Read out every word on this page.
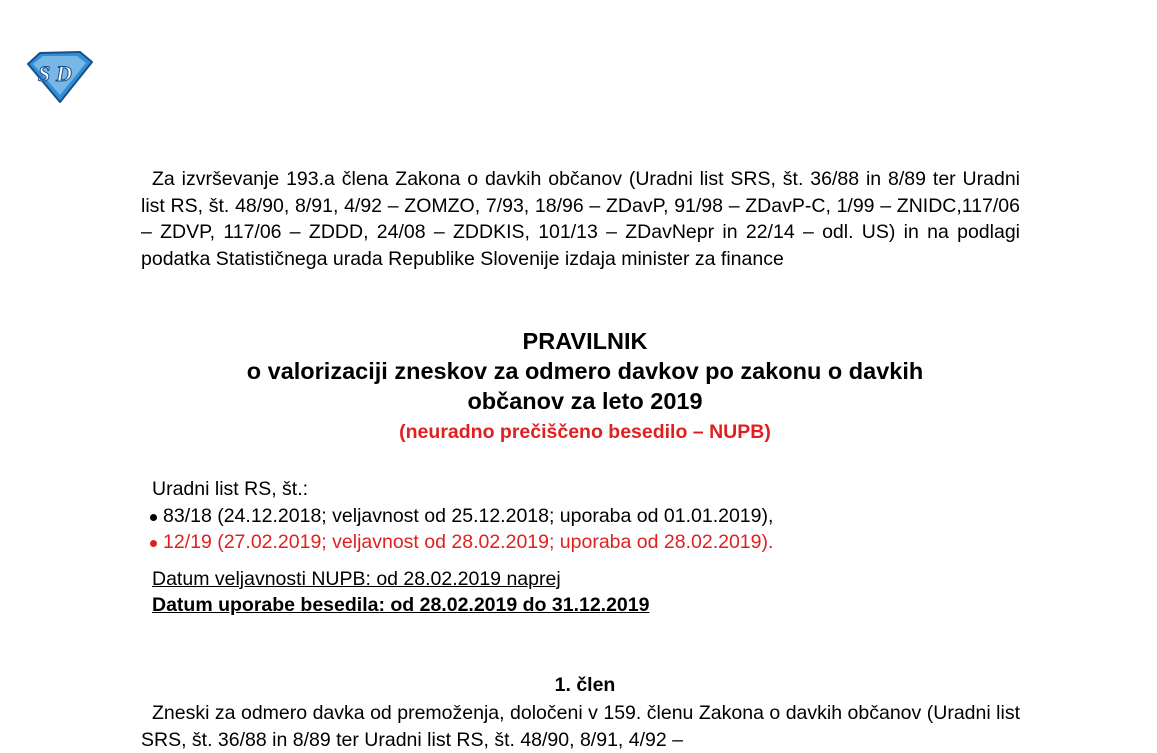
S D

Za izvrševanje 193.a člena Zakona o davkih občanov (Uradni list SRS, št. 36/88 in 8/89 ter Uradni list RS, št. 48/90, 8/91, 4/92 – ZOMZO, 7/93, 18/96 – ZDavP, 91/98 – ZDavP-C, 1/99 – ZNIDC,117/06 – ZDVP, 117/06 – ZDDD, 24/08 – ZDDKIS, 101/13 – ZDavNepr in 22/14 – odl. US) in na podlagi podatka Statističnega urada Republike Slovenije izdaja minister za finance

PRAVILNIK
o valorizaciji zneskov za odmero davkov po zakonu o davkih
občanov za leto 2019
(neuradno prečiščeno besedilo – NUPB)
Uradni list RS, št.:
83/18 (24.12.2018; veljavnost od 25.12.2018; uporaba od 01.01.2019),
12/19 (27.02.2019; veljavnost od 28.02.2019; uporaba od 28.02.2019).
Datum veljavnosti NUPB: od 28.02.2019 naprej
Datum uporabe besedila: od 28.02.2019 do 31.12.2019
1. člen

Zneski za odmero davka od premoženja, določeni v 159. členu Zakona o davkih občanov (Uradni list SRS, št. 36/88 in 8/89 ter Uradni list RS, št. 48/90, 8/91, 4/92 –
